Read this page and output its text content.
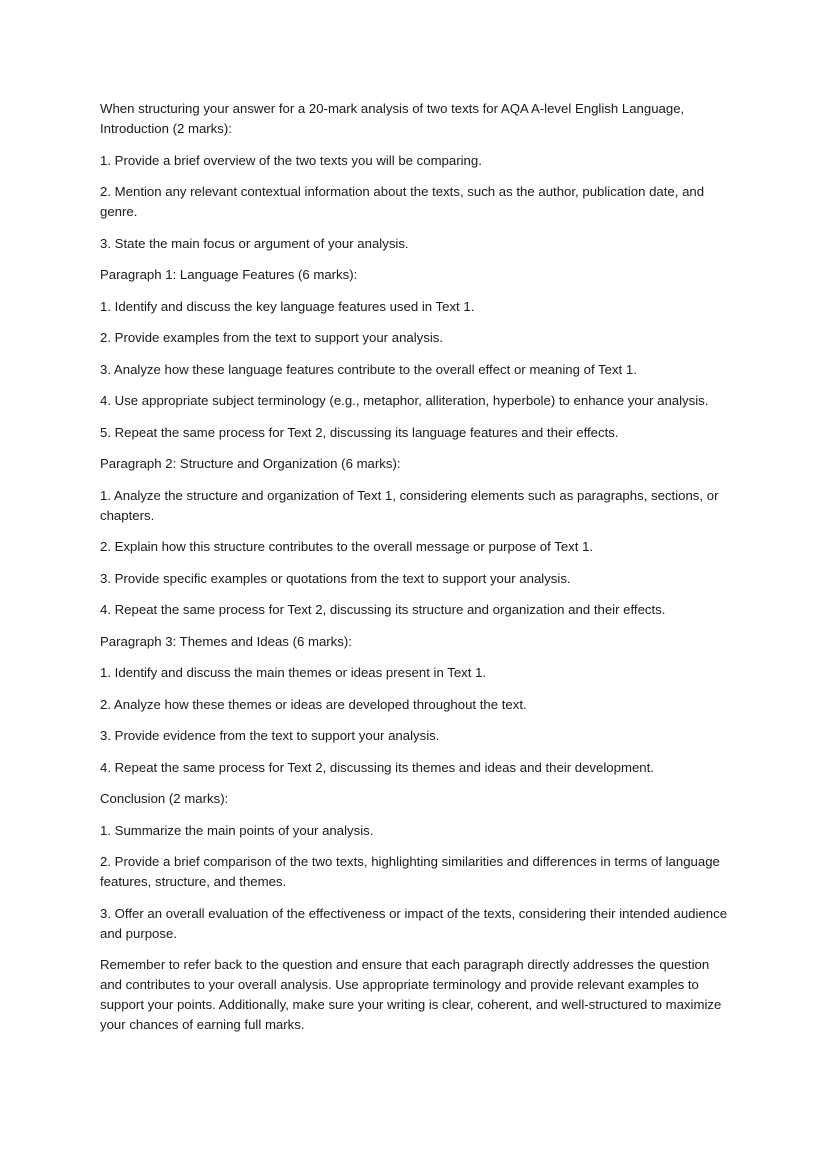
When structuring your answer for a 20-mark analysis of two texts for AQA A-level English Language,
Introduction (2 marks):

1. Provide a brief overview of the two texts you will be comparing.

2. Mention any relevant contextual information about the texts, such as the author, publication date, and genre.

3. State the main focus or argument of your analysis.

Paragraph 1: Language Features (6 marks):

1. Identify and discuss the key language features used in Text 1.

2. Provide examples from the text to support your analysis.

3. Analyze how these language features contribute to the overall effect or meaning of Text 1.

4. Use appropriate subject terminology (e.g., metaphor, alliteration, hyperbole) to enhance your analysis.

5. Repeat the same process for Text 2, discussing its language features and their effects.

Paragraph 2: Structure and Organization (6 marks):

1. Analyze the structure and organization of Text 1, considering elements such as paragraphs, sections, or chapters.

2. Explain how this structure contributes to the overall message or purpose of Text 1.

3. Provide specific examples or quotations from the text to support your analysis.

4. Repeat the same process for Text 2, discussing its structure and organization and their effects.

Paragraph 3: Themes and Ideas (6 marks):

1. Identify and discuss the main themes or ideas present in Text 1.

2. Analyze how these themes or ideas are developed throughout the text.

3. Provide evidence from the text to support your analysis.

4. Repeat the same process for Text 2, discussing its themes and ideas and their development.

Conclusion (2 marks):

1. Summarize the main points of your analysis.

2. Provide a brief comparison of the two texts, highlighting similarities and differences in terms of language features, structure, and themes.

3. Offer an overall evaluation of the effectiveness or impact of the texts, considering their intended audience and purpose.

Remember to refer back to the question and ensure that each paragraph directly addresses the question and contributes to your overall analysis. Use appropriate terminology and provide relevant examples to support your points. Additionally, make sure your writing is clear, coherent, and well-structured to maximize your chances of earning full marks.
